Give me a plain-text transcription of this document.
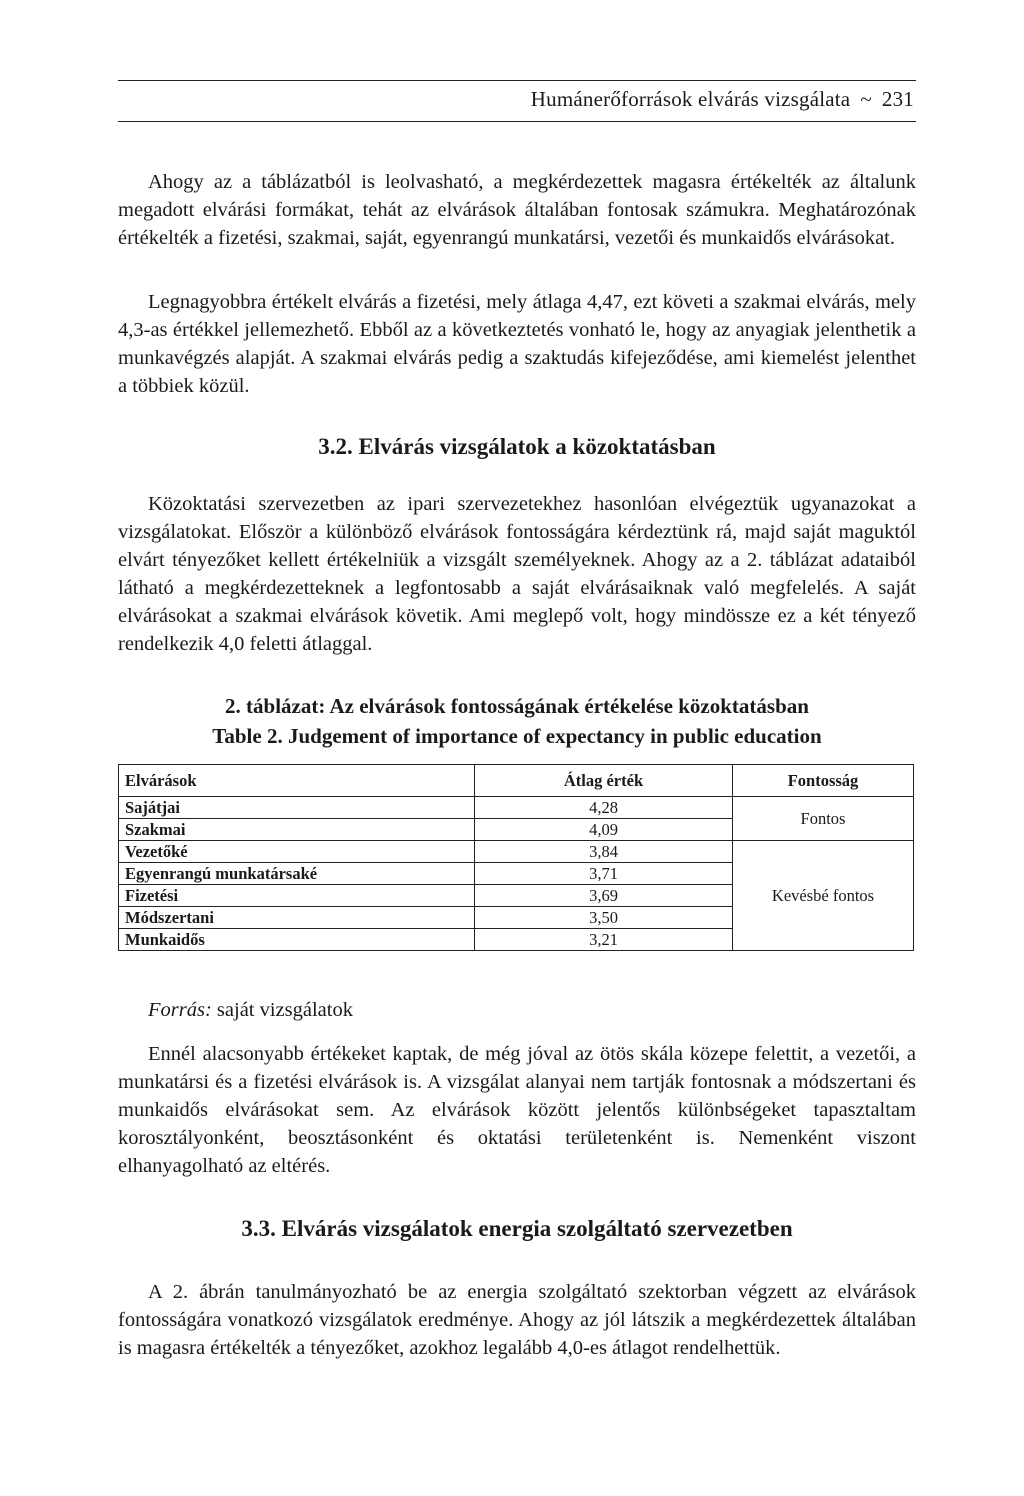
Humánerőforrások elvárás vizsgálata ~ 231
Ahogy az a táblázatból is leolvasható, a megkérdezettek magasra értékelték az általunk megadott elvárási formákat, tehát az elvárások általában fontosak számukra. Meghatározónak értékelték a fizetési, szakmai, saját, egyenrangú munkatársi, vezetői és munkaidős elvárásokat.
Legnagyobbra értékelt elvárás a fizetési, mely átlaga 4,47, ezt követi a szakmai elvárás, mely 4,3-as értékkel jellemezhető. Ebből az a következtetés vonható le, hogy az anyagiak jelenthetik a munkavégzés alapját. A szakmai elvárás pedig a szaktudás kifejeződése, ami kiemelést jelenthet a többiek közül.
3.2. Elvárás vizsgálatok a közoktatásban
Közoktatási szervezetben az ipari szervezetekhez hasonlóan elvégeztük ugyanazokat a vizsgálatokat. Először a különböző elvárások fontosságára kérdeztünk rá, majd saját maguktól elvárt tényezőket kellett értékelniük a vizsgált személyeknek. Ahogy az a 2. táblázat adataiból látható a megkérdezetteknek a legfontosabb a saját elvárásaiknak való megfelelés. A saját elvárásokat a szakmai elvárások követik. Ami meglepő volt, hogy mindössze ez a két tényező rendelkezik 4,0 feletti átlaggal.
2. táblázat: Az elvárások fontosságának értékelése közoktatásban
Table 2. Judgement of importance of expectancy in public education
Elvárások	Átlag érték	Fontosság
Sajátjai	4,28	Fontos
Szakmai	4,09	
Vezetőké	3,84	Kevésbé fontos
Egyenrangú munkatársaké	3,71	
Fizetési	3,69	
Módszertani	3,50	
Munkaidős	3,21	
Forrás: saját vizsgálatok
Ennél alacsonyabb értékeket kaptak, de még jóval az ötös skála közepe felettit, a vezetői, a munkatársi és a fizetési elvárások is. A vizsgálat alanyai nem tartják fontosnak a módszertani és munkaidős elvárásokat sem. Az elvárások között jelentős különbségeket tapasztaltam korosztályonként, beosztásonként és oktatási területenként is. Nemenként viszont elhanyagolható az eltérés.
3.3. Elvárás vizsgálatok energia szolgáltató szervezetben
A 2. ábrán tanulmányozható be az energia szolgáltató szektorban végzett az elvárások fontosságára vonatkozó vizsgálatok eredménye. Ahogy az jól látszik a megkérdezettek általában is magasra értékelték a tényezőket, azokhoz legalább 4,0-es átlagot rendelhettük.
